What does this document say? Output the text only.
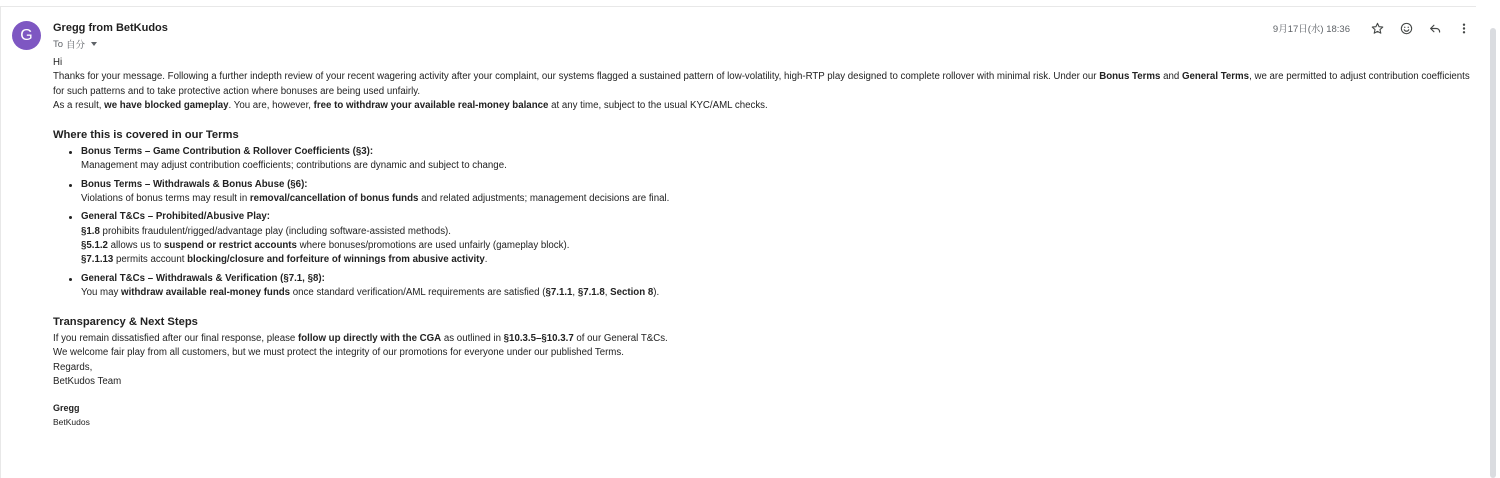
G	Gregg from BetKudos
To 自分
9月17日(水) 18:36

Hi

Thanks for your message. Following a further indepth review of your recent wagering activity after your complaint, our systems flagged a sustained pattern of low-volatility, high-RTP play designed to complete rollover with minimal risk. Under our Bonus Terms and General Terms, we are permitted to adjust contribution coefficients for such patterns and to take protective action where bonuses are being used unfairly.

As a result, we have blocked gameplay. You are, however, free to withdraw your available real-money balance at any time, subject to the usual KYC/AML checks.

Where this is covered in our Terms
Bonus Terms – Game Contribution & Rollover Coefficients (§3):
Management may adjust contribution coefficients; contributions are dynamic and subject to change.
Bonus Terms – Withdrawals & Bonus Abuse (§6):
Violations of bonus terms may result in removal/cancellation of bonus funds and related adjustments; management decisions are final.
General T&Cs – Prohibited/Abusive Play:
§1.8 prohibits fraudulent/rigged/advantage play (including software-assisted methods).
§5.1.2 allows us to suspend or restrict accounts where bonuses/promotions are used unfairly (gameplay block).
§7.1.13 permits account blocking/closure and forfeiture of winnings from abusive activity.
General T&Cs – Withdrawals & Verification (§7.1, §8):
You may withdraw available real-money funds once standard verification/AML requirements are satisfied (§7.1.1, §7.1.8, Section 8).
Transparency & Next Steps

If you remain dissatisfied after our final response, please follow up directly with the CGA as outlined in §10.3.5–§10.3.7 of our General T&Cs.

We welcome fair play from all customers, but we must protect the integrity of our promotions for everyone under our published Terms.

Regards,

BetKudos Team

Gregg
BetKudos
